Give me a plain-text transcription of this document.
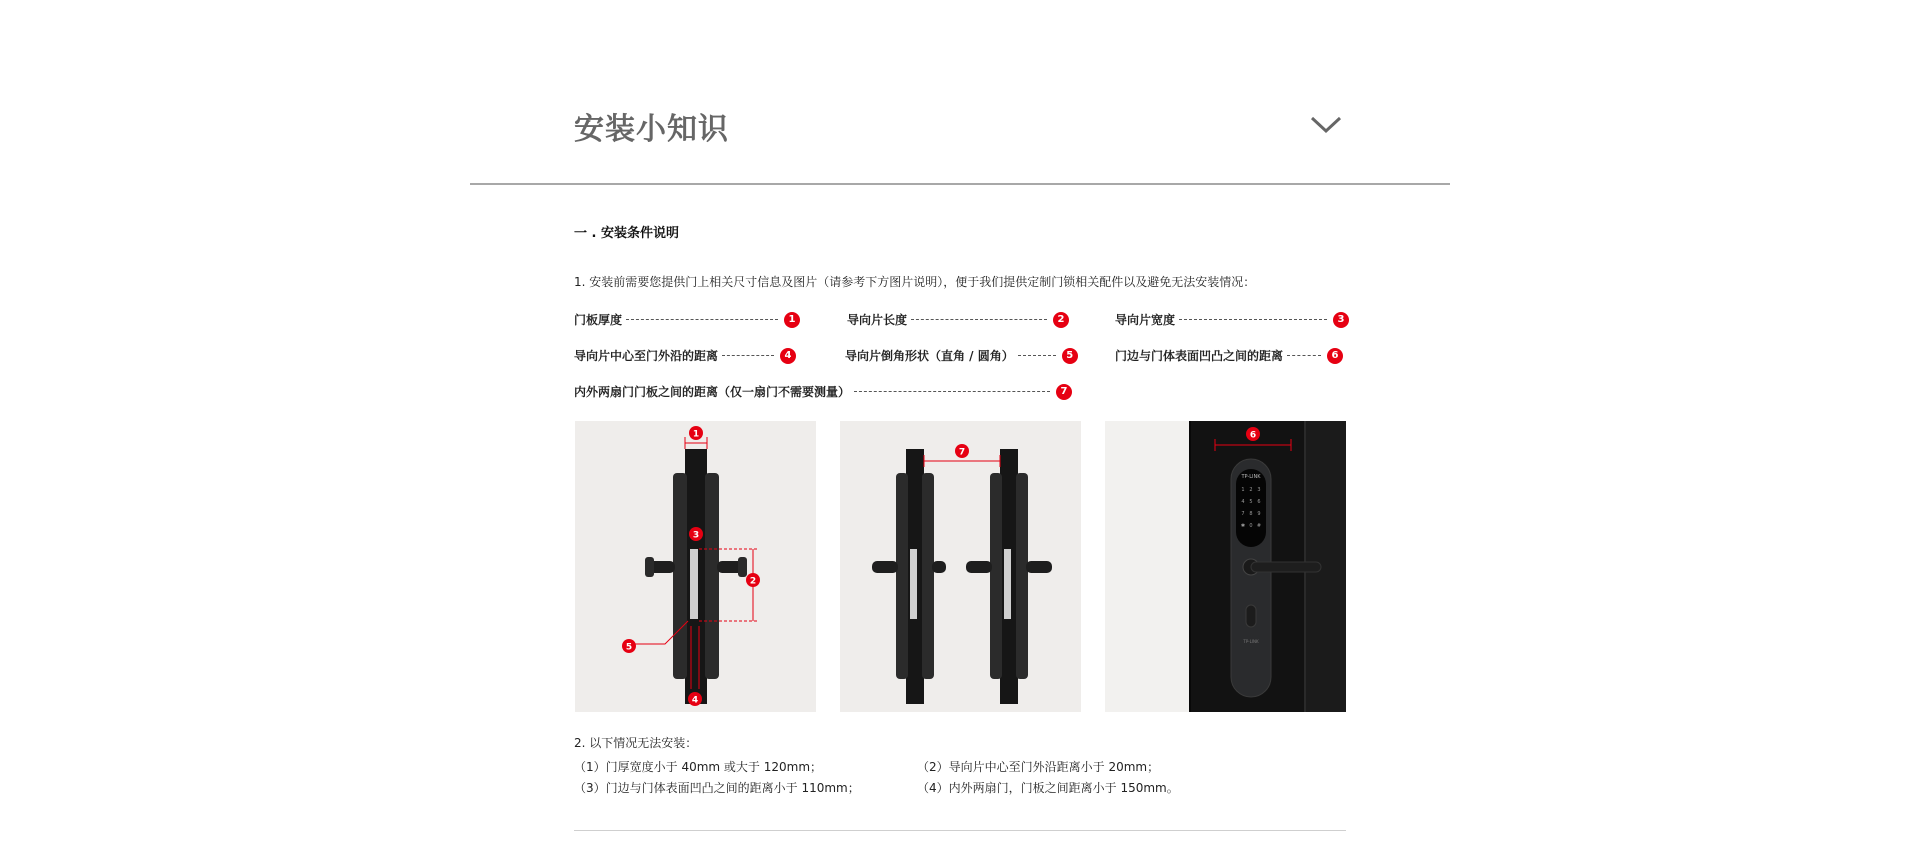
安装小知识
一 . 安装条件说明
1. 安装前需要您提供门上相关尺寸信息及图片（请参考下方图片说明），便于我们提供定制门锁相关配件以及避免无法安装情况：
门板厚度	1	导向片长度	2	导向片宽度	3
导向片中心至门外沿的距离	4	导向片倒角形状（直角 / 圆角）	5	门边与门体表面凹凸之间的距离	6
内外两扇门门板之间的距离（仅一扇门不需要测量）	7
1
3
2
5
4
7
TP-LINK
1 2 3
4 5 6
7 8 9
✱ 0 #
TP-LINK
6
2. 以下情况无法安装：
（1）门厚宽度小于 40mm 或大于 120mm；	（2）导向片中心至门外沿距离小于 20mm；
（3）门边与门体表面凹凸之间的距离小于 110mm；	（4）内外两扇门，门板之间距离小于 150mm。
